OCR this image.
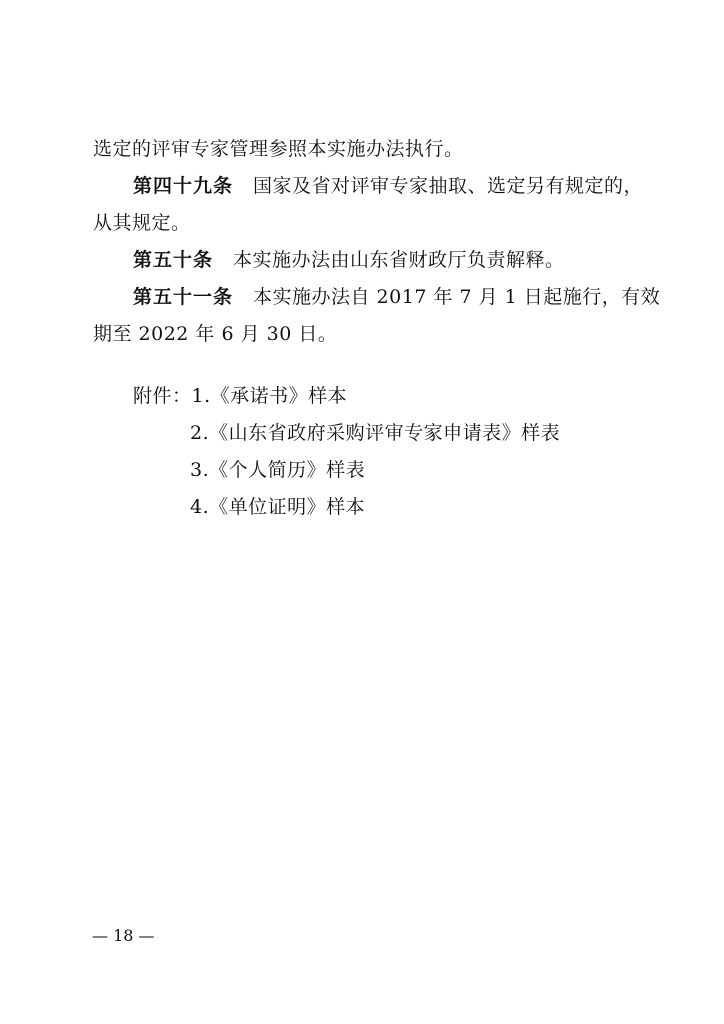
选定的评审专家管理参照本实施办法执行。
第四十九条 国家及省对评审专家抽取、选定另有规定的，
从其规定。
第五十条 本实施办法由山东省财政厅负责解释。
第五十一条 本实施办法自 2017 年 7 月 1 日起施行，有效
期至 2022 年 6 月 30 日。
附件：1.《承诺书》样本
2.《山东省政府采购评审专家申请表》样表
3.《个人简历》样表
4.《单位证明》样本
— 18 —
